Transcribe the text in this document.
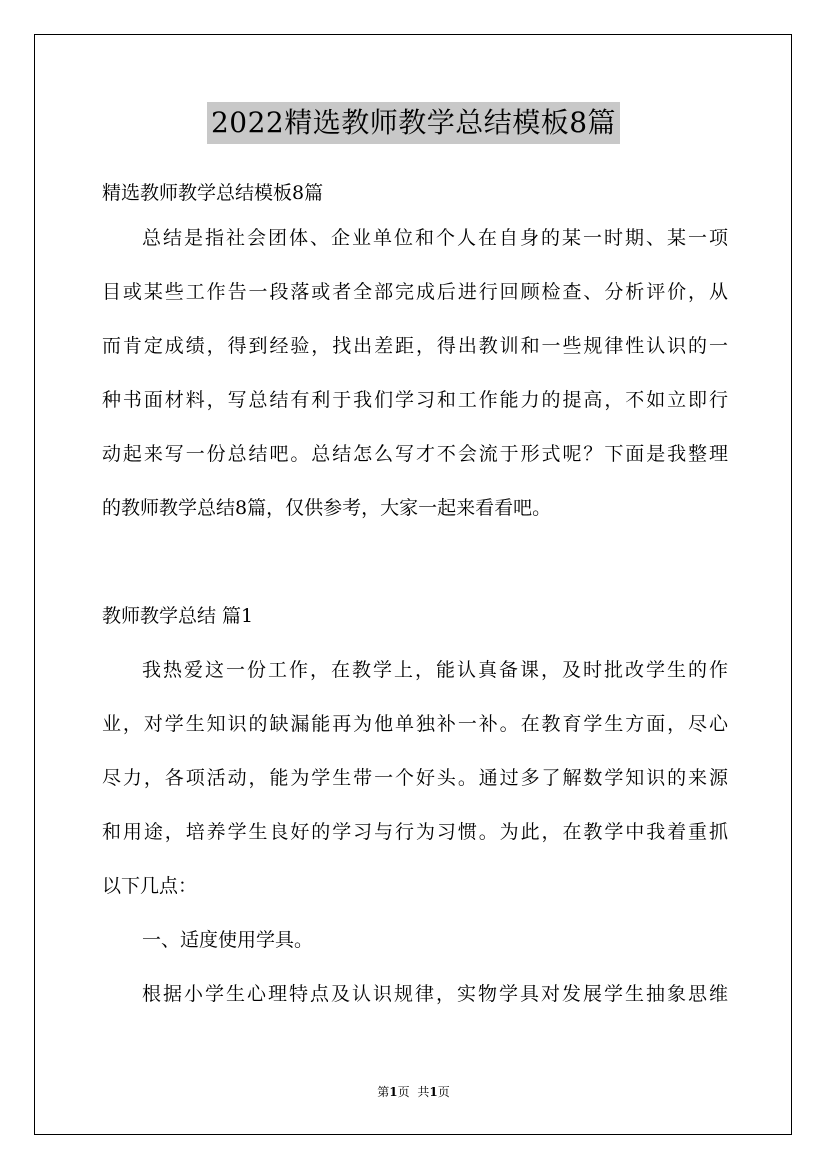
2022精选教师教学总结模板8篇
精选教师教学总结模板8篇
总结是指社会团体、企业单位和个人在自身的某一时期、某一项
目或某些工作告一段落或者全部完成后进行回顾检查、分析评价，从
而肯定成绩，得到经验，找出差距，得出教训和一些规律性认识的一
种书面材料，写总结有利于我们学习和工作能力的提高，不如立即行
动起来写一份总结吧。总结怎么写才不会流于形式呢？下面是我整理
的教师教学总结8篇，仅供参考，大家一起来看看吧。
教师教学总结 篇1
我热爱这一份工作，在教学上，能认真备课，及时批改学生的作
业，对学生知识的缺漏能再为他单独补一补。在教育学生方面，尽心
尽力，各项活动，能为学生带一个好头。通过多了解数学知识的来源
和用途，培养学生良好的学习与行为习惯。为此，在教学中我着重抓
以下几点：
一、适度使用学具。
根据小学生心理特点及认识规律，实物学具对发展学生抽象思维
第1页 共1页
